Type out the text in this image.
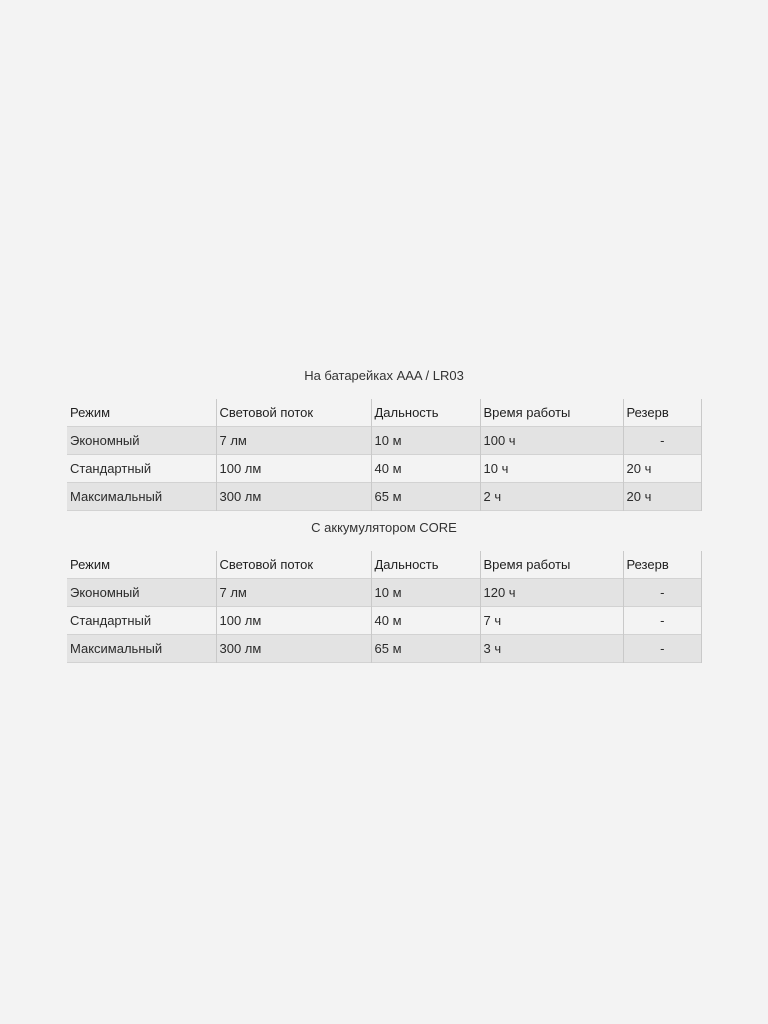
На батарейках AAA / LR03
Режим	Световой поток	Дальность	Время работы	Резерв
Экономный	7 лм	10 м	100 ч	-
Стандартный	100 лм	40 м	10 ч	20 ч
Максимальный	300 лм	65 м	2 ч	20 ч
С аккумулятором CORE
Режим	Световой поток	Дальность	Время работы	Резерв
Экономный	7 лм	10 м	120 ч	-
Стандартный	100 лм	40 м	7 ч	-
Максимальный	300 лм	65 м	3 ч	-
